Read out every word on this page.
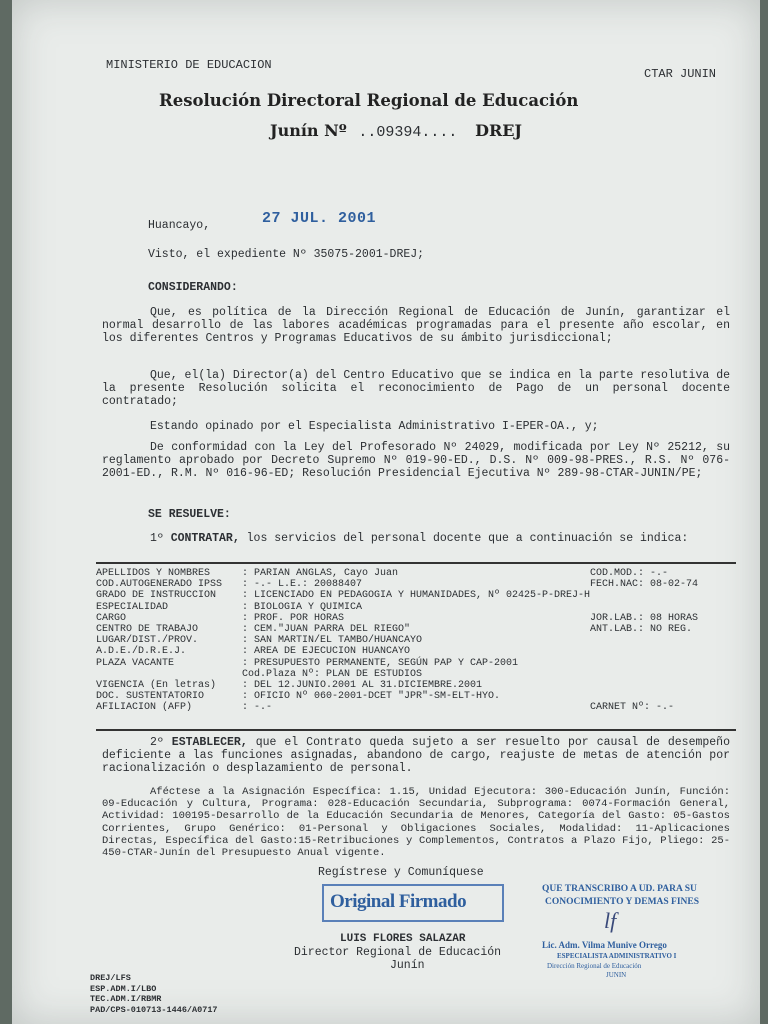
MINISTERIO DE EDUCACION
CTAR JUNIN
Resolución Directoral Regional de Educación
Junín Nº ..09394.... DREJ
Huancayo,	27 JUL. 2001
Visto, el expediente Nº 35075-2001-DREJ;
CONSIDERANDO:
Que, es política de la Dirección Regional de Educación de Junín, garantizar el normal desarrollo de las labores académicas programadas para el presente año escolar, en los diferentes Centros y Programas Educativos de su ámbito jurisdiccional;
Que, el(la) Director(a) del Centro Educativo que se indica en la parte resolutiva de la presente Resolución solicita el reconocimiento de Pago de un personal docente contratado;
Estando opinado por el Especialista Administrativo I-EPER-OA., y;
De conformidad con la Ley del Profesorado Nº 24029, modificada por Ley Nº 25212, su reglamento aprobado por Decreto Supremo Nº 019-90-ED., D.S. Nº 009-98-PRES., R.S. Nº 076-2001-ED., R.M. Nº 016-96-ED; Resolución Presidencial Ejecutiva Nº 289-98-CTAR-JUNIN/PE;
SE RESUELVE:
1º CONTRATAR, los servicios del personal docente que a continuación se indica:
APELLIDOS Y NOMBRES	: PARIAN ANGLAS, Cayo Juan	COD.MOD.: -.-
COD.AUTOGENERADO IPSS : -.- L.E.: 20088407	FECH.NAC: 08-02-74
GRADO DE INSTRUCCION	: LICENCIADO EN PEDAGOGIA Y HUMANIDADES, Nº 02425-P-DREJ-H
ESPECIALIDAD	: BIOLOGIA Y QUIMICA
CARGO	: PROF. POR HORAS	JOR.LAB.: 08 HORAS
CENTRO DE TRABAJO	: CEM."JUAN PARRA DEL RIEGO"	ANT.LAB.: NO REG.
LUGAR/DIST./PROV.	: SAN MARTIN/EL TAMBO/HUANCAYO
A.D.E./D.R.E.J.	: AREA DE EJECUCION HUANCAYO
PLAZA VACANTE	: PRESUPUESTO PERMANENTE, SEGÚN PAP Y CAP-2001
Cod.Plaza Nº: PLAN DE ESTUDIOS
VIGENCIA (En letras)	: DEL 12.JUNIO.2001 AL 31.DICIEMBRE.2001
DOC. SUSTENTATORIO	: OFICIO Nº 060-2001-DCET "JPR"-SM-ELT-HYO.
AFILIACION (AFP)	: -.-	CARNET Nº: -.-
2º ESTABLECER, que el Contrato queda sujeto a ser resuelto por causal de desempeño deficiente a las funciones asignadas, abandono de cargo, reajuste de metas de atención por racionalización o desplazamiento de personal.
Aféctese a la Asignación Específica: 1.15, Unidad Ejecutora: 300-Educación Junín, Función: 09-Educación y Cultura, Programa: 028-Educación Secundaria, Subprograma: 0074-Formación General, Actividad: 100195-Desarrollo de la Educación Secundaria de Menores, Categoría del Gasto: 05-Gastos Corrientes, Grupo Genérico: 01-Personal y Obligaciones Sociales, Modalidad: 11-Aplicaciones Directas, Específica del Gasto:15-Retribuciones y Complementos, Contratos a Plazo Fijo, Pliego: 25-450-CTAR-Junín del Presupuesto Anual vigente.
Regístrese y Comuníquese
Original Firmado
QUE TRANSCRIBO A UD. PARA SU
CONOCIMIENTO Y DEMAS FINES
lf
Lic. Adm. Vilma Munive Orrego
ESPECIALISTA ADMINISTRATIVO I
Dirección Regional de Educación
JUNIN
LUIS FLORES SALAZAR
Director Regional de Educación
Junín
DREJ/LFS
ESP.ADM.I/LBO
TEC.ADM.I/RBMR
PAD/CPS-010713-1446/A0717
